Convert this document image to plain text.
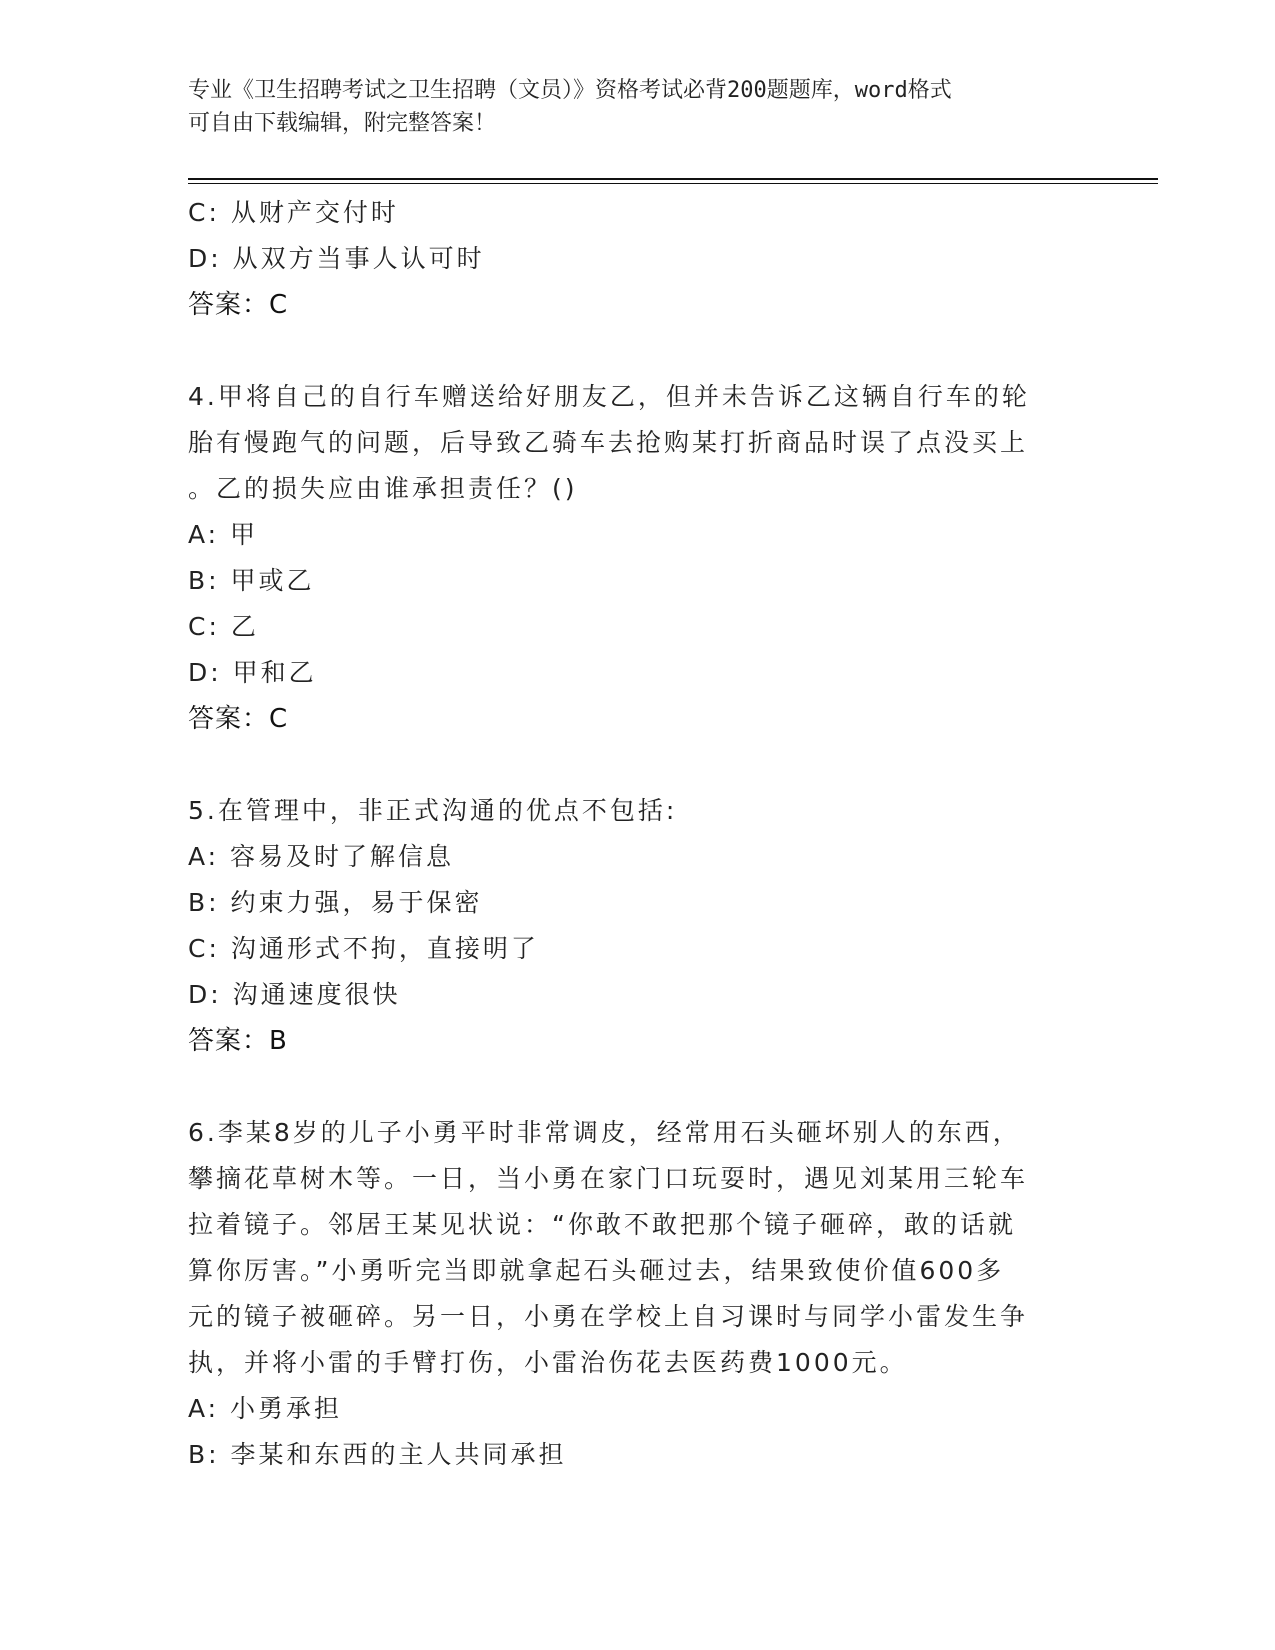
专业《卫生招聘考试之卫生招聘（文员）》资格考试必背200题题库，word格式
可自由下载编辑，附完整答案！
C: 从财产交付时
D: 从双方当事人认可时
答案：C
4.甲将自己的自行车赠送给好朋友乙，但并未告诉乙这辆自行车的轮
胎有慢跑气的问题，后导致乙骑车去抢购某打折商品时误了点没买上
。乙的损失应由谁承担责任？()
A: 甲
B: 甲或乙
C: 乙
D: 甲和乙
答案：C
5.在管理中，非正式沟通的优点不包括:
A: 容易及时了解信息
B: 约束力强，易于保密
C: 沟通形式不拘，直接明了
D: 沟通速度很快
答案：B
6.李某8岁的儿子小勇平时非常调皮，经常用石头砸坏别人的东西，
攀摘花草树木等。一日，当小勇在家门口玩耍时，遇见刘某用三轮车
拉着镜子。邻居王某见状说：“你敢不敢把那个镜子砸碎，敢的话就
算你厉害。”小勇听完当即就拿起石头砸过去，结果致使价值600多
元的镜子被砸碎。另一日，小勇在学校上自习课时与同学小雷发生争
执，并将小雷的手臂打伤，小雷治伤花去医药费1000元。
A: 小勇承担
B: 李某和东西的主人共同承担
